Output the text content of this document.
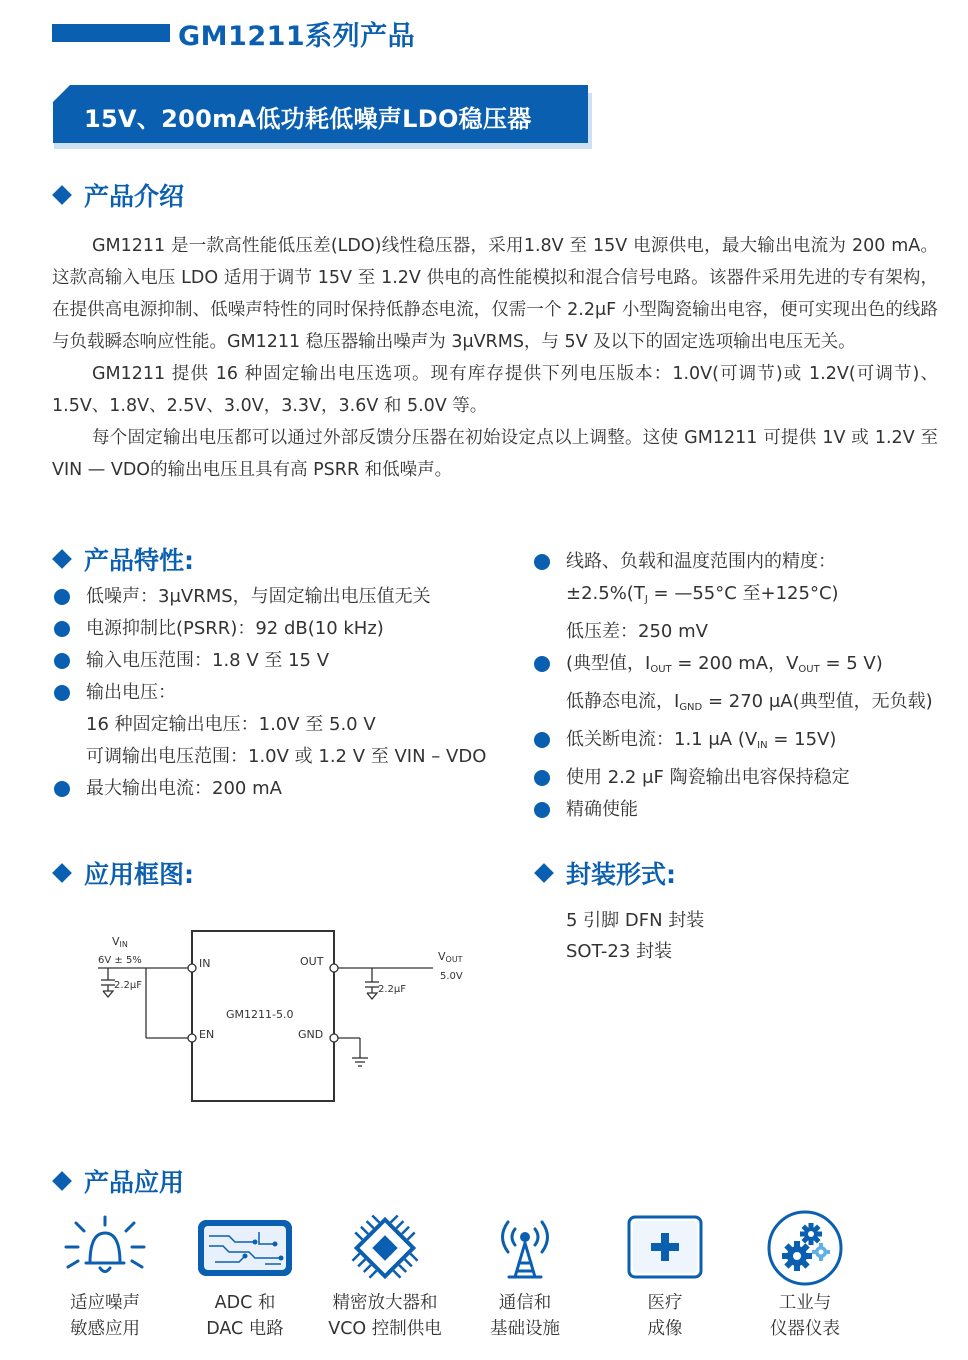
GM1211系列产品
15V、200mA低功耗低噪声LDO稳压器
产品介绍

GM1211 是一款高性能低压差(LDO)线性稳压器，采用1.8V 至 15V 电源供电，最大输出电流为 200 mA。这款高输入电压 LDO 适用于调节 15V 至 1.2V 供电的高性能模拟和混合信号电路。该器件采用先进的专有架构，在提供高电源抑制、低噪声特性的同时保持低静态电流，仅需一个 2.2μF 小型陶瓷输出电容，便可实现出色的线路与负载瞬态响应性能。GM1211 稳压器输出噪声为 3μVRMS，与 5V 及以下的固定选项输出电压无关。

GM1211 提供 16 种固定输出电压选项。现有库存提供下列电压版本：1.0V(可调节)或 1.2V(可调节)、1.5V、1.8V、2.5V、3.0V，3.3V，3.6V 和 5.0V 等。

每个固定输出电压都可以通过外部反馈分压器在初始设定点以上调整。这使 GM1211 可提供 1V 或 1.2V 至 VIN — VDO的输出电压且具有高 PSRR 和低噪声。

产品特性:
低噪声：3μVRMS，与固定输出电压值无关
电源抑制比(PSRR)：92 dB(10 kHz)
输入电压范围：1.8 V 至 15 V
输出电压：
16 种固定输出电压：1.0V 至 5.0 V
可调输出电压范围：1.0V 或 1.2 V 至 VIN – VDO
最大输出电流：200 mA
线路、负载和温度范围内的精度：
$\pm 2.5\%(T_J$ = —55°C 至+125°C)
低压差：250 mV
(典型值，$I_{OUT} = 200$ mA，$V_{OUT} = 5$ V)
低静态电流，$I_{GND} = 270$ μA(典型值，无负载)
低关断电流：1.1 μA $(V_{IN} = 15V)$
使用 2.2 μF 陶瓷输出电容保持稳定
精确使能
应用框图:
VIN
6V ± 5%
2.2μF
IN
EN
OUT
GND
GM1211-5.0
VOUT
5.0V
2.2μF
封装形式:
5 引脚 DFN 封装
SOT-23 封装
产品应用
适应噪声
敏感应用
ADC 和
DAC 电路
精密放大器和
VCO 控制供电
通信和
基础设施
医疗
成像
工业与
仪器仪表
